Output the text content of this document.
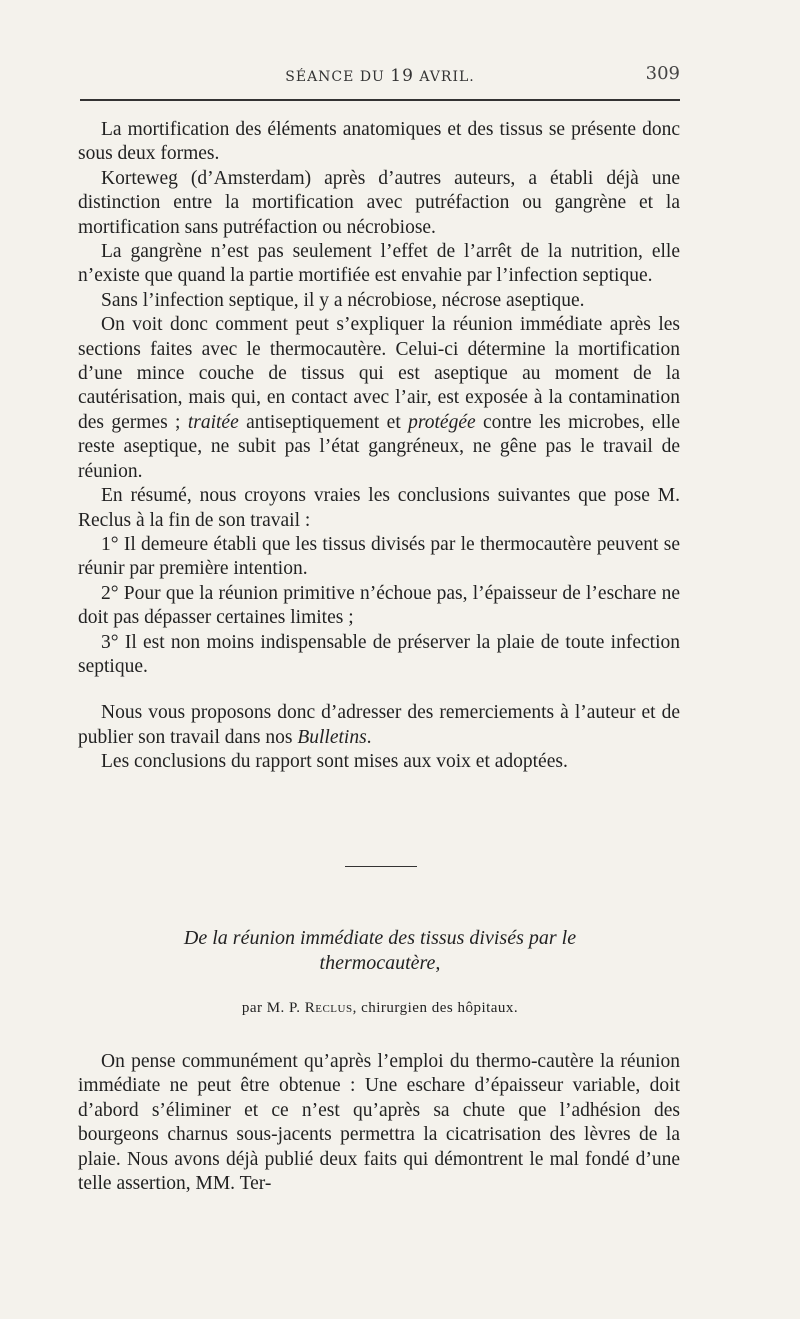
SÉANCE DU 19 AVRIL.	309

La mortification des éléments anatomiques et des tissus se présente donc sous deux formes.

Korteweg (d’Amsterdam) après d’autres auteurs, a établi déjà une distinction entre la mortification avec putréfaction ou gangrène et la mortification sans putréfaction ou nécrobiose.

La gangrène n’est pas seulement l’effet de l’arrêt de la nutrition, elle n’existe que quand la partie mortifiée est envahie par l’infection septique.

Sans l’infection septique, il y a nécrobiose, nécrose aseptique.

On voit donc comment peut s’expliquer la réunion immédiate après les sections faites avec le thermocautère. Celui-ci détermine la mortification d’une mince couche de tissus qui est aseptique au moment de la cautérisation, mais qui, en contact avec l’air, est exposée à la contamination des germes ; traitée antiseptiquement et protégée contre les microbes, elle reste aseptique, ne subit pas l’état gangréneux, ne gêne pas le travail de réunion.

En résumé, nous croyons vraies les conclusions suivantes que pose M. Reclus à la fin de son travail :

1° Il demeure établi que les tissus divisés par le thermocautère peuvent se réunir par première intention.

2° Pour que la réunion primitive n’échoue pas, l’épaisseur de l’eschare ne doit pas dépasser certaines limites ;

3° Il est non moins indispensable de préserver la plaie de toute infection septique.

Nous vous proposons donc d’adresser des remerciements à l’auteur et de publier son travail dans nos Bulletins.

Les conclusions du rapport sont mises aux voix et adoptées.

De la réunion immédiate des tissus divisés par le
thermocautère,
par M. P. Reclus, chirurgien des hôpitaux.

On pense communément qu’après l’emploi du thermo-cautère la réunion immédiate ne peut être obtenue : Une eschare d’épaisseur variable, doit d’abord s’éliminer et ce n’est qu’après sa chute que l’adhésion des bourgeons charnus sous-jacents permettra la cicatrisation des lèvres de la plaie. Nous avons déjà publié deux faits qui démontrent le mal fondé d’une telle assertion, MM. Ter-
